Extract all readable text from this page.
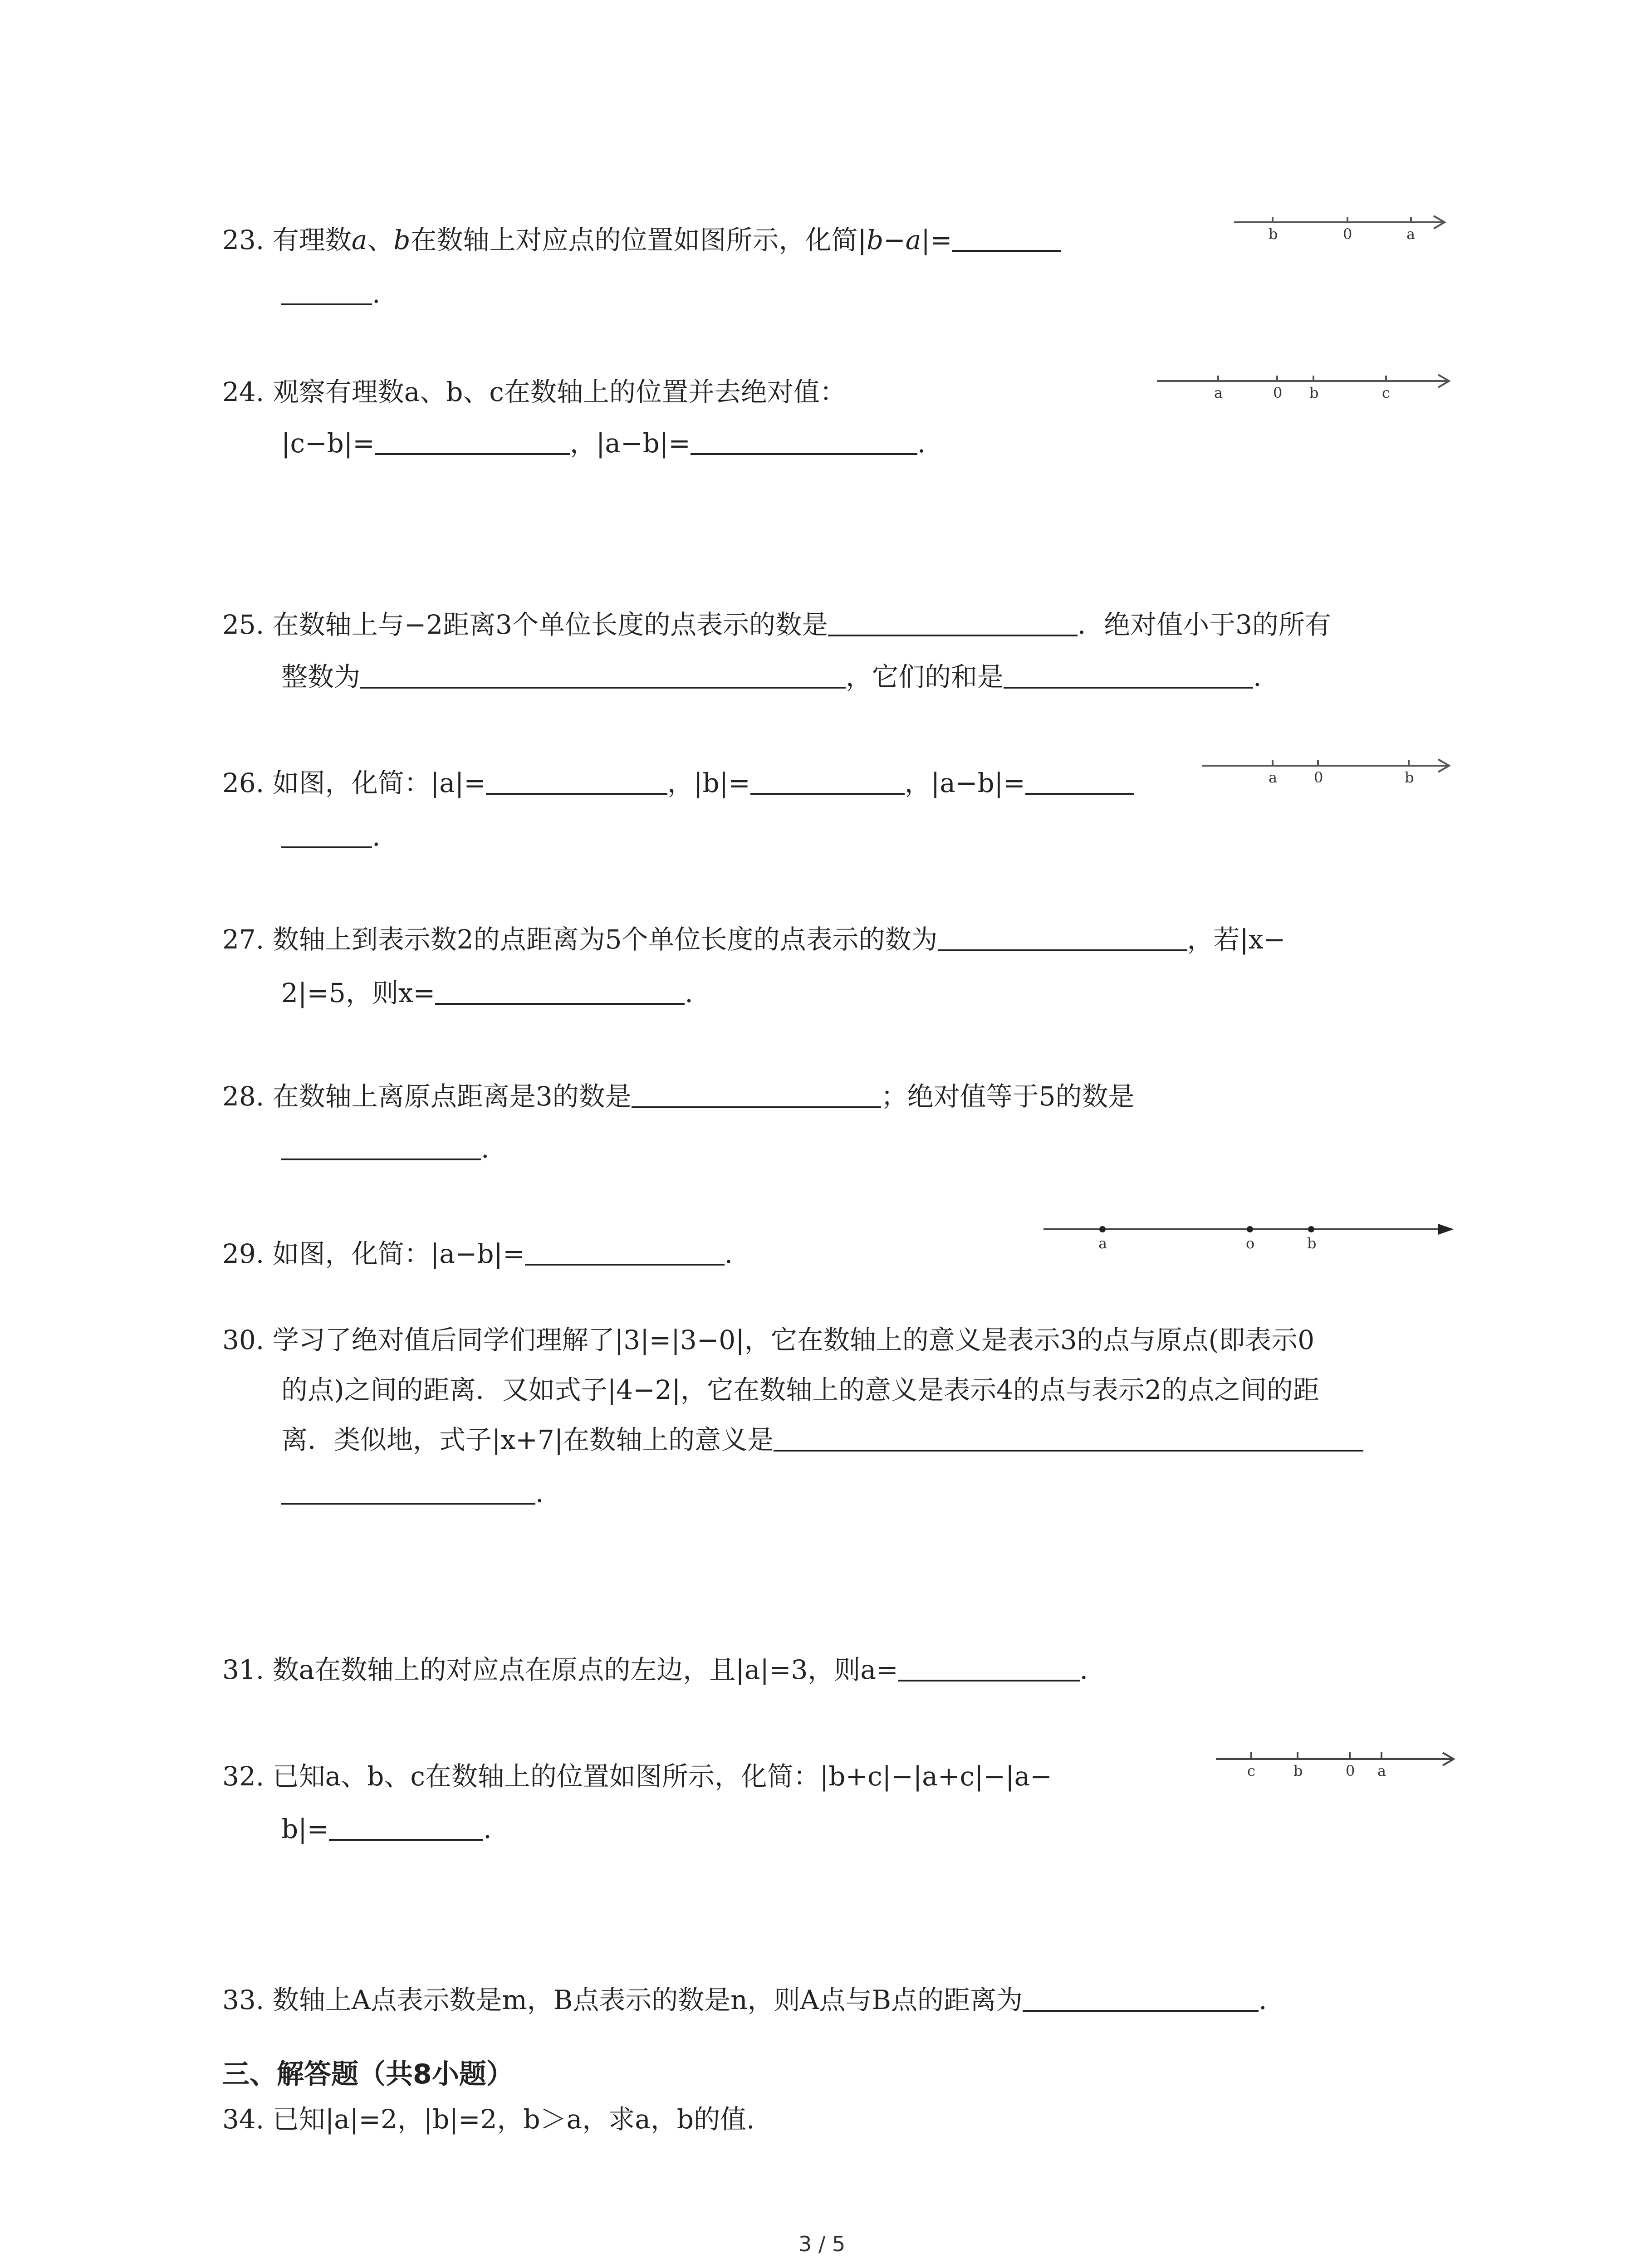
23. 有理数a、b在数轴上对应点的位置如图所示，化简|b−a|=
.
b	0	a
24. 观察有理数a、b、c在数轴上的位置并去绝对值：
|c−b|=	，|a−b|=	.
a	0 b	c
25. 在数轴上与−2距离3个单位长度的点表示的数是	．绝对值小于3的所有
整数为	，它们的和是	.
26. 如图，化简：|a|=	，|b|=	，|a−b|=
.
a	0	b
27. 数轴上到表示数2的点距离为5个单位长度的点表示的数为	，若|x−
2|=5，则x=	.
28. 在数轴上离原点距离是3的数是	；绝对值等于5的数是
.
29. 如图，化简：|a−b|=	.	a	o	b
30. 学习了绝对值后同学们理解了|3|=|3−0|，它在数轴上的意义是表示3的点与原点(即表示0
的点)之间的距离．又如式子|4−2|，它在数轴上的意义是表示4的点与表示2的点之间的距
离．类似地，式子|x+7|在数轴上的意义是
.
31. 数a在数轴上的对应点在原点的左边，且|a|=3，则a=	.
32. 已知a、b、c在数轴上的位置如图所示，化简：|b+c|−|a+c|−|a−
b|=	.
c	b	0 a
33. 数轴上A点表示数是m，B点表示的数是n，则A点与B点的距离为	.
三、解答题（共8小题）
34. 已知|a|=2，|b|=2，b＞a，求a，b的值.
3 / 5
